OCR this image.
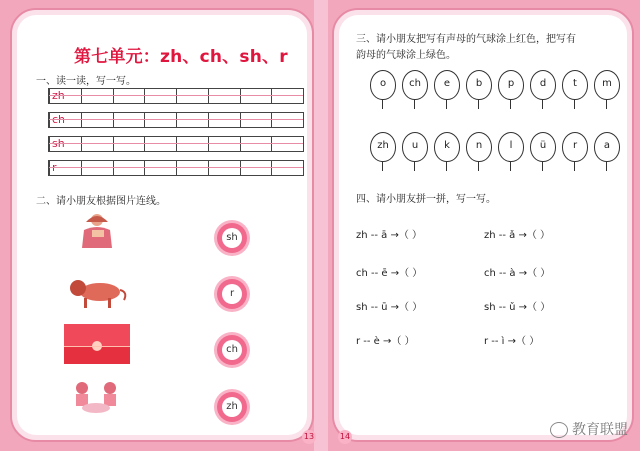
第七单元：zh、ch、sh、r
一、读一读，写一写。
zh
ch
sh
r
二、请小朋友根据图片连线。
sh
r
ch
zh
13
三、请小朋友把写有声母的气球涂上红色，把写有
韵母的气球涂上绿色。
o	ch	e	b	p	d	t	m
zh	u	k	n	l	ü	r	a
四、请小朋友拼一拼，写一写。
zh -- ā →（ ）	zh -- ǎ →（ ）
ch -- ē →（ ）	ch -- à →（ ）
sh -- ū →（ ）	sh -- ǔ →（ ）
r -- è →（ ）	r -- ì →（ ）
14	教育联盟
